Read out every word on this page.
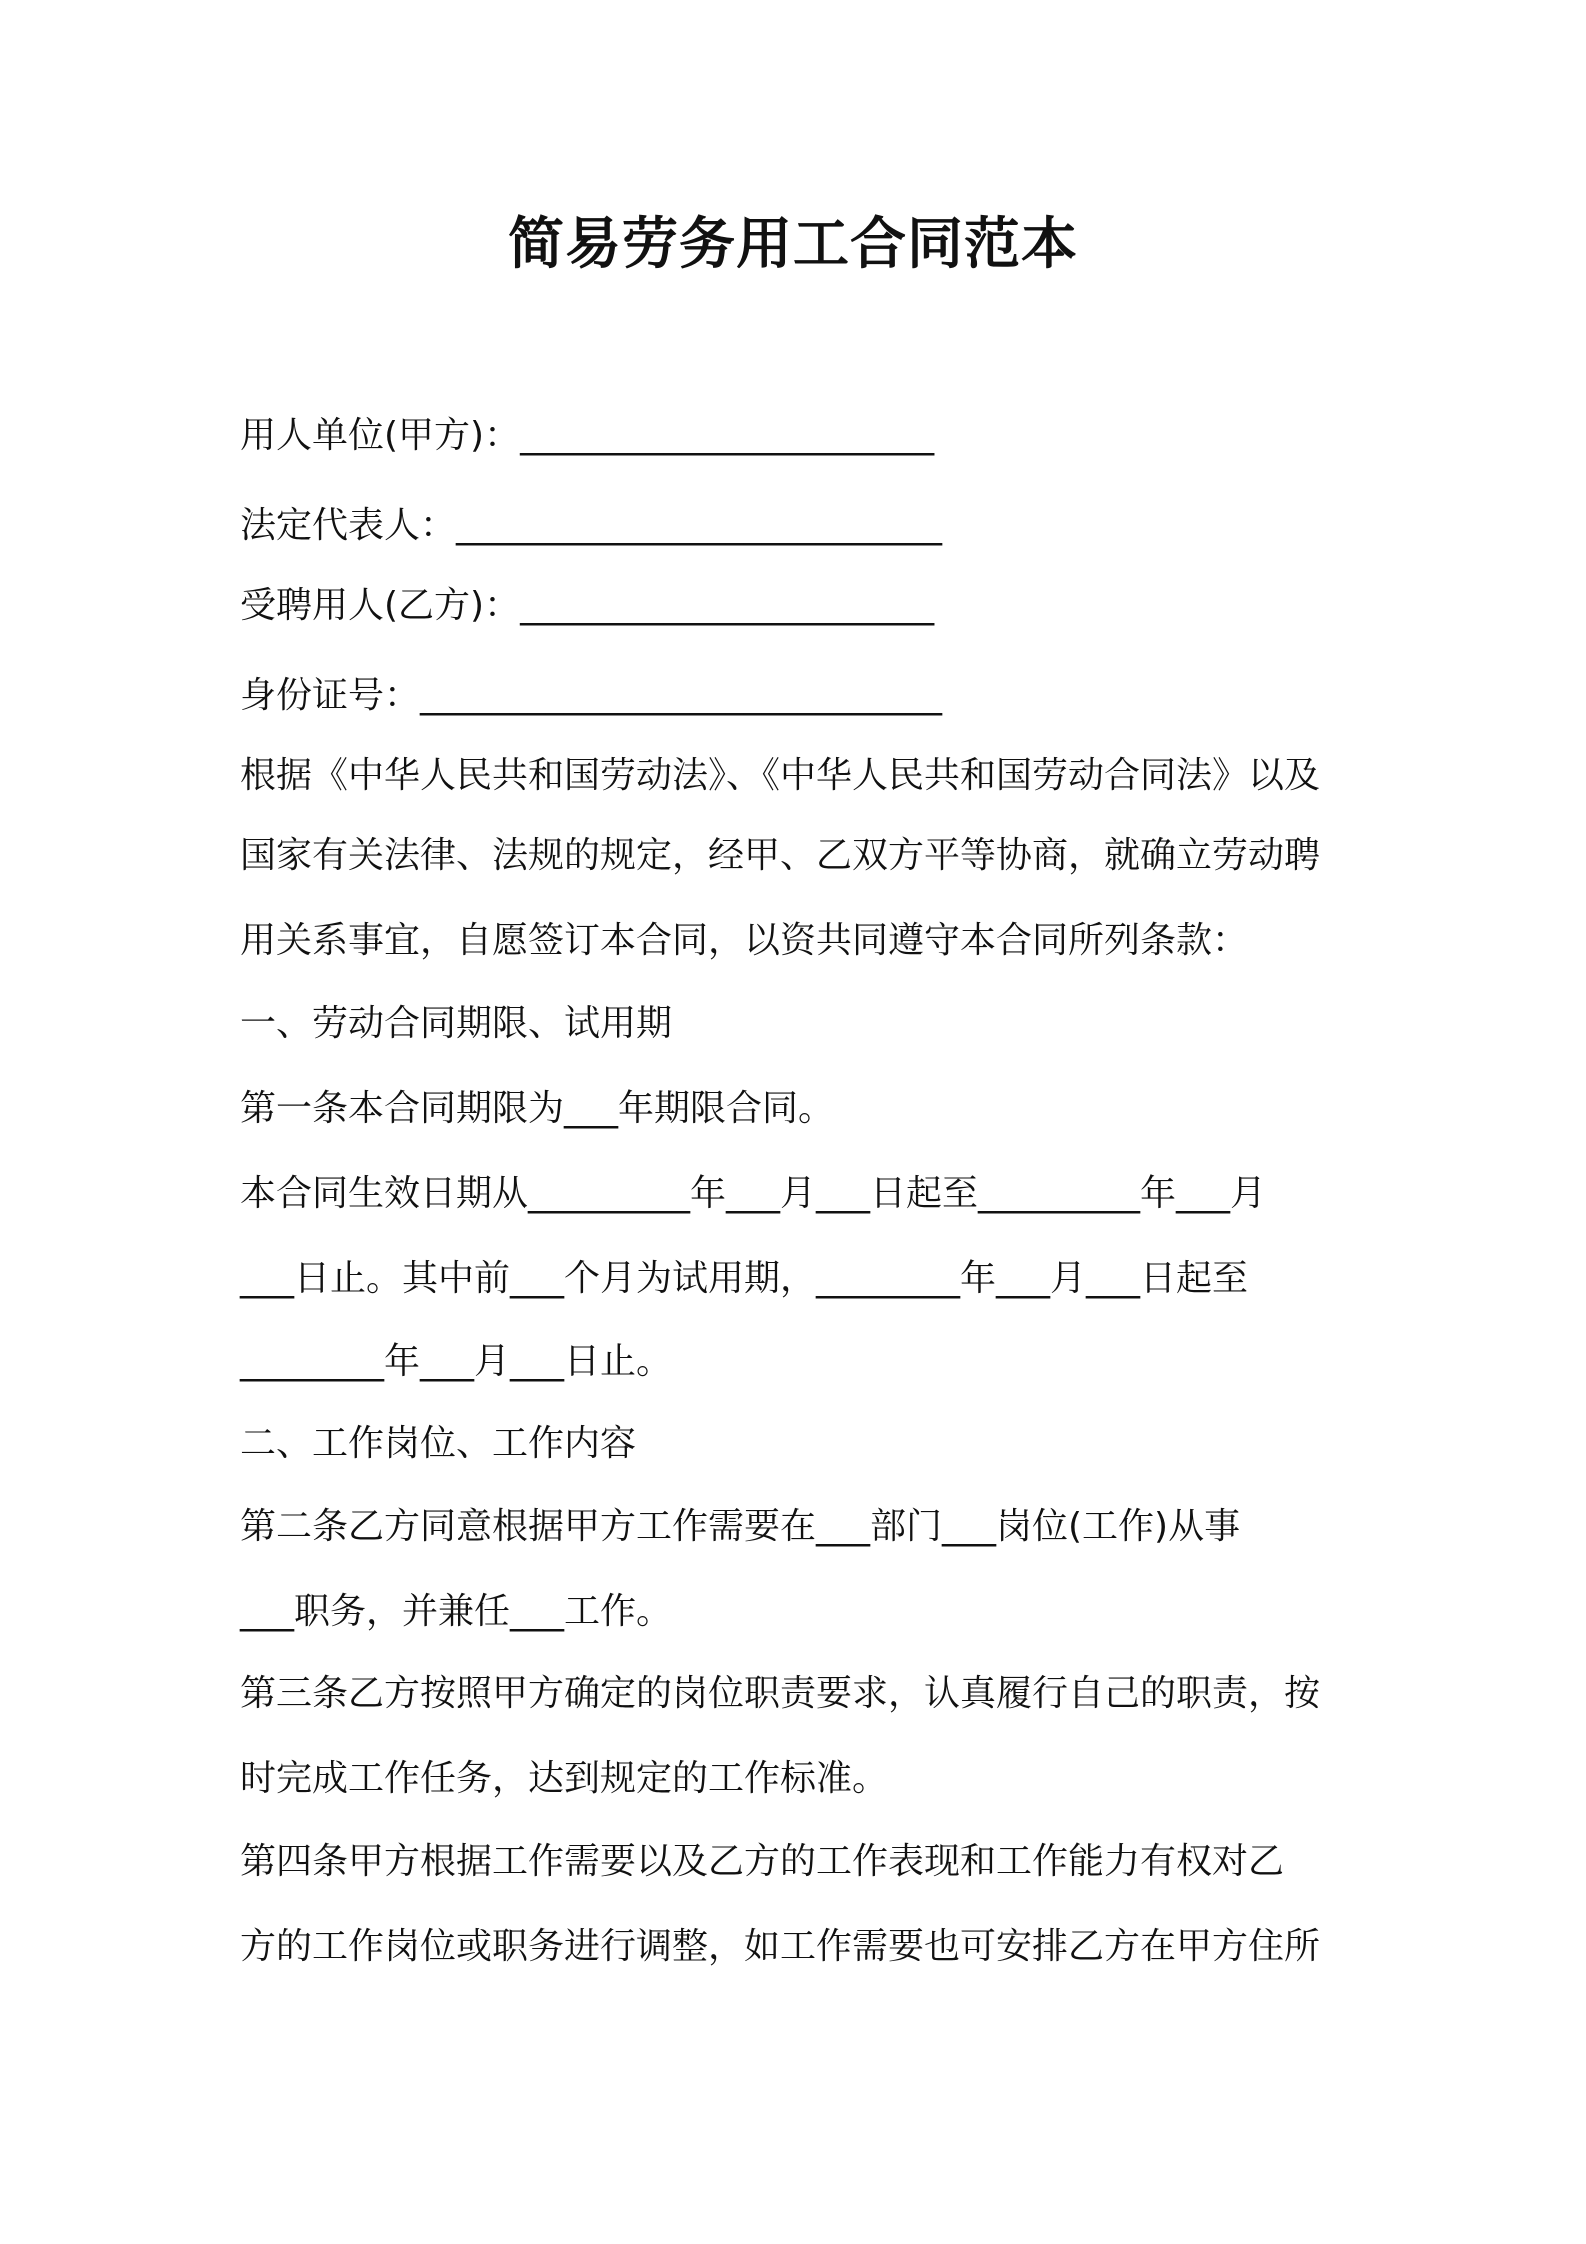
简易劳务用工合同范本

用人单位(甲方)：_______________________

法定代表人：___________________________

受聘用人(乙方)：_______________________

身份证号：_____________________________

根据《中华人民共和国劳动法》、《中华人民共和国劳动合同法》以及

国家有关法律、法规的规定，经甲、乙双方平等协商，就确立劳动聘

用关系事宜，自愿签订本合同，以资共同遵守本合同所列条款：

一、劳动合同期限、试用期

第一条本合同期限为___年期限合同。

本合同生效日期从_________年___月___日起至_________年___月

___日止。其中前___个月为试用期，________年___月___日起至

________年___月___日止。

二、工作岗位、工作内容

第二条乙方同意根据甲方工作需要在___部门___岗位(工作)从事

___职务，并兼任___工作。

第三条乙方按照甲方确定的岗位职责要求，认真履行自己的职责，按

时完成工作任务，达到规定的工作标准。

第四条甲方根据工作需要以及乙方的工作表现和工作能力有权对乙

方的工作岗位或职务进行调整，如工作需要也可安排乙方在甲方住所
